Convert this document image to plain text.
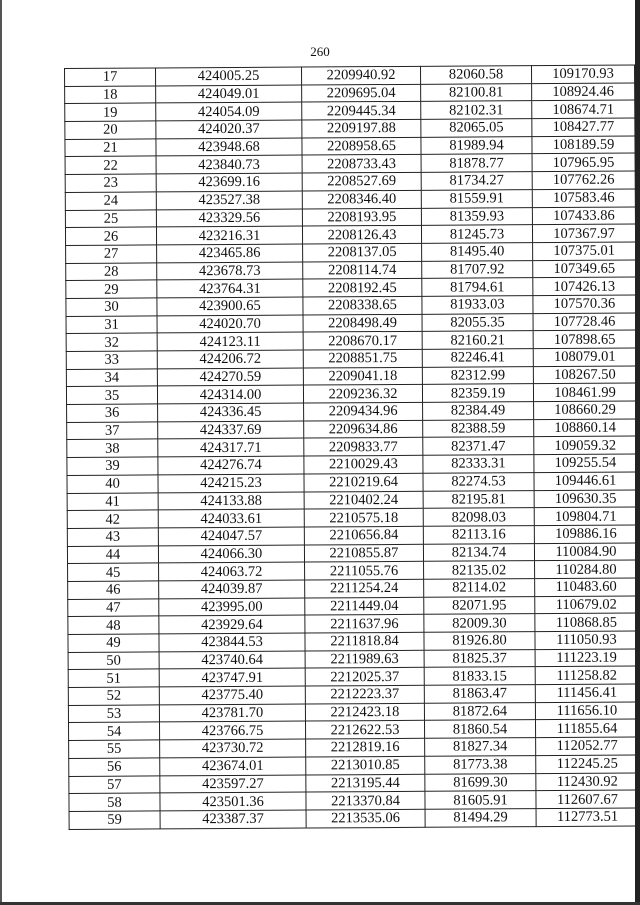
260
17	424005.25	2209940.92	82060.58	109170.93
18	424049.01	2209695.04	82100.81	108924.46
19	424054.09	2209445.34	82102.31	108674.71
20	424020.37	2209197.88	82065.05	108427.77
21	423948.68	2208958.65	81989.94	108189.59
22	423840.73	2208733.43	81878.77	107965.95
23	423699.16	2208527.69	81734.27	107762.26
24	423527.38	2208346.40	81559.91	107583.46
25	423329.56	2208193.95	81359.93	107433.86
26	423216.31	2208126.43	81245.73	107367.97
27	423465.86	2208137.05	81495.40	107375.01
28	423678.73	2208114.74	81707.92	107349.65
29	423764.31	2208192.45	81794.61	107426.13
30	423900.65	2208338.65	81933.03	107570.36
31	424020.70	2208498.49	82055.35	107728.46
32	424123.11	2208670.17	82160.21	107898.65
33	424206.72	2208851.75	82246.41	108079.01
34	424270.59	2209041.18	82312.99	108267.50
35	424314.00	2209236.32	82359.19	108461.99
36	424336.45	2209434.96	82384.49	108660.29
37	424337.69	2209634.86	82388.59	108860.14
38	424317.71	2209833.77	82371.47	109059.32
39	424276.74	2210029.43	82333.31	109255.54
40	424215.23	2210219.64	82274.53	109446.61
41	424133.88	2210402.24	82195.81	109630.35
42	424033.61	2210575.18	82098.03	109804.71
43	424047.57	2210656.84	82113.16	109886.16
44	424066.30	2210855.87	82134.74	110084.90
45	424063.72	2211055.76	82135.02	110284.80
46	424039.87	2211254.24	82114.02	110483.60
47	423995.00	2211449.04	82071.95	110679.02
48	423929.64	2211637.96	82009.30	110868.85
49	423844.53	2211818.84	81926.80	111050.93
50	423740.64	2211989.63	81825.37	111223.19
51	423747.91	2212025.37	81833.15	111258.82
52	423775.40	2212223.37	81863.47	111456.41
53	423781.70	2212423.18	81872.64	111656.10
54	423766.75	2212622.53	81860.54	111855.64
55	423730.72	2212819.16	81827.34	112052.77
56	423674.01	2213010.85	81773.38	112245.25
57	423597.27	2213195.44	81699.30	112430.92
58	423501.36	2213370.84	81605.91	112607.67
59	423387.37	2213535.06	81494.29	112773.51
